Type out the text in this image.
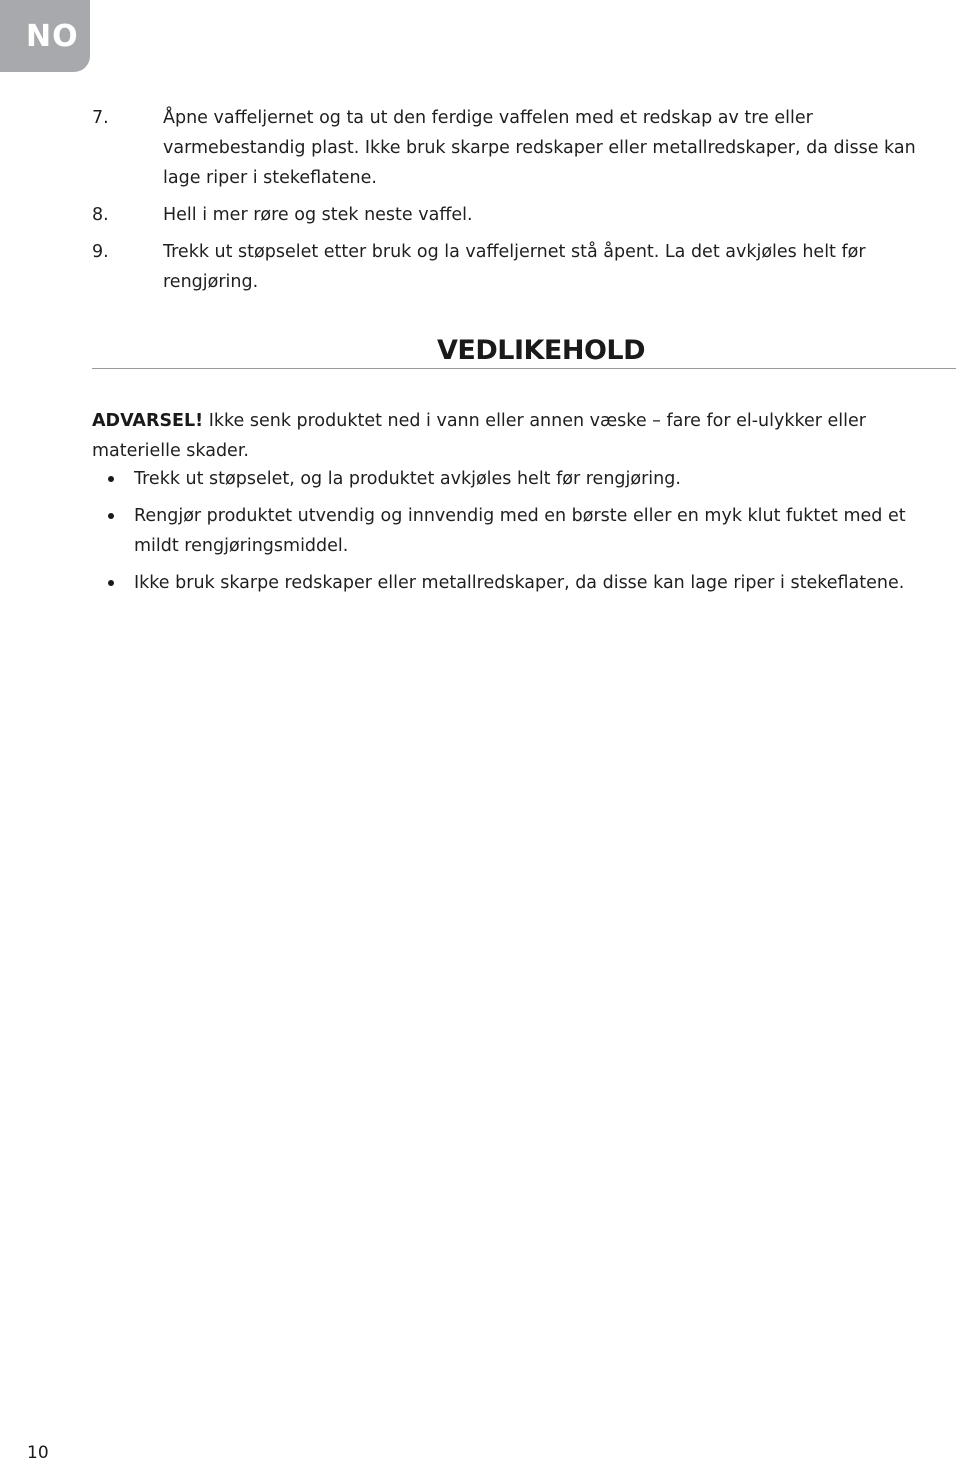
NO
7.	Åpne vaffeljernet og ta ut den ferdige vaffelen med et redskap av tre eller varmebestandig plast. Ikke bruk skarpe redskaper eller metallredskaper, da disse kan lage riper i stekeflatene.
8.	Hell i mer røre og stek neste vaffel.
9.	Trekk ut støpselet etter bruk og la vaffeljernet stå åpent. La det avkjøles helt før rengjøring.
VEDLIKEHOLD

ADVARSEL! Ikke senk produktet ned i vann eller annen væske – fare for el-ulykker eller materielle skader.

Trekk ut støpselet, og la produktet avkjøles helt før rengjøring.
Rengjør produktet utvendig og innvendig med en børste eller en myk klut fuktet med et mildt rengjøringsmiddel.
Ikke bruk skarpe redskaper eller metallredskaper, da disse kan lage riper i stekeflatene.
10
